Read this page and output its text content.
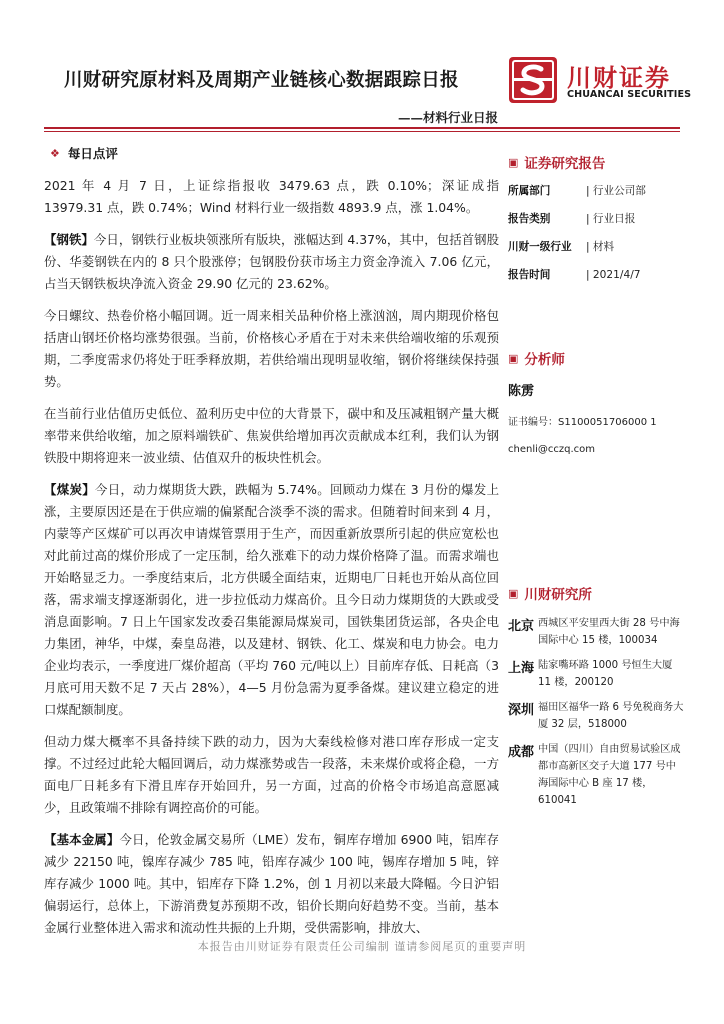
川财研究原材料及周期产业链核心数据跟踪日报
——材料行业日报
川财证券
CHUANCAI SECURITIES
❖ 每日点评
2021 年 4 月 7 日，上证综指报收 3479.63 点，跌 0.10%；深证成指 13979.31 点，跌 0.74%；Wind 材料行业一级指数 4893.9 点，涨 1.04%。
【钢铁】今日，钢铁行业板块领涨所有版块，涨幅达到 4.37%，其中，包括首钢股份、华菱钢铁在内的 8 只个股涨停；包钢股份获市场主力资金净流入 7.06 亿元，占当天钢铁板块净流入资金 29.90 亿元的 23.62%。
今日螺纹、热卷价格小幅回调。近一周来相关品种价格上涨汹汹，周内期现价格包括唐山钢坯价格均涨势很强。当前，价格核心矛盾在于对未来供给端收缩的乐观预期，二季度需求仍将处于旺季释放期，若供给端出现明显收缩，钢价将继续保持强势。
在当前行业估值历史低位、盈利历史中位的大背景下，碳中和及压减粗钢产量大概率带来供给收缩，加之原料端铁矿、焦炭供给增加再次贡献成本红利，我们认为钢铁股中期将迎来一波业绩、估值双升的板块性机会。
【煤炭】今日，动力煤期货大跌，跌幅为 5.74%。回顾动力煤在 3 月份的爆发上涨，主要原因还是在于供应端的偏紧配合淡季不淡的需求。但随着时间来到 4 月，内蒙等产区煤矿可以再次申请煤管票用于生产，而因重新放票所引起的供应宽松也对此前过高的煤价形成了一定压制，给久涨难下的动力煤价格降了温。而需求端也开始略显乏力。一季度结束后，北方供暖全面结束，近期电厂日耗也开始从高位回落，需求端支撑逐渐弱化，进一步拉低动力煤高价。且今日动力煤期货的大跌或受消息面影响。7 日上午国家发改委召集能源局煤炭司，国铁集团货运部，各央企电力集团，神华，中煤，秦皇岛港，以及建材、钢铁、化工、煤炭和电力协会。电力企业均表示，一季度进厂煤价超高（平均 760 元/吨以上）目前库存低、日耗高（3 月底可用天数不足 7 天占 28%），4—5 月份急需为夏季备煤。建议建立稳定的进口煤配额制度。
但动力煤大概率不具备持续下跌的动力，因为大秦线检修对港口库存形成一定支撑。不过经过此轮大幅回调后，动力煤涨势或告一段落，未来煤价或将企稳，一方面电厂日耗多有下滑且库存开始回升，另一方面，过高的价格令市场追高意愿减少，且政策端不排除有调控高价的可能。
【基本金属】今日，伦敦金属交易所（LME）发布，铜库存增加 6900 吨，铝库存减少 22150 吨，镍库存减少 785 吨，铅库存减少 100 吨，锡库存增加 5 吨，锌库存减少 1000 吨。其中，铝库存下降 1.2%，创 1 月初以来最大降幅。今日沪铝偏弱运行，总体上，下游消费复苏预期不改，铝价长期向好趋势不变。当前，基本金属行业整体进入需求和流动性共振的上升期，受供需影响，排放大、
▣ 证券研究报告
所属部门	| 行业公司部
报告类别	| 行业日报
川财一级行业	| 材料
报告时间	| 2021/4/7
▣ 分析师
陈雳
证书编号：S1100051706000 1
chenli@cczq.com
▣ 川财研究所
北京 西城区平安里西大街 28 号中海国际中心 15 楼，100034
上海 陆家嘴环路 1000 号恒生大厦 11 楼，200120
深圳 福田区福华一路 6 号免税商务大厦 32 层，518000
成都 中国（四川）自由贸易试验区成都市高新区交子大道 177 号中海国际中心 B 座 17 楼，610041
本报告由川财证券有限责任公司编制 谨请参阅尾页的重要声明
